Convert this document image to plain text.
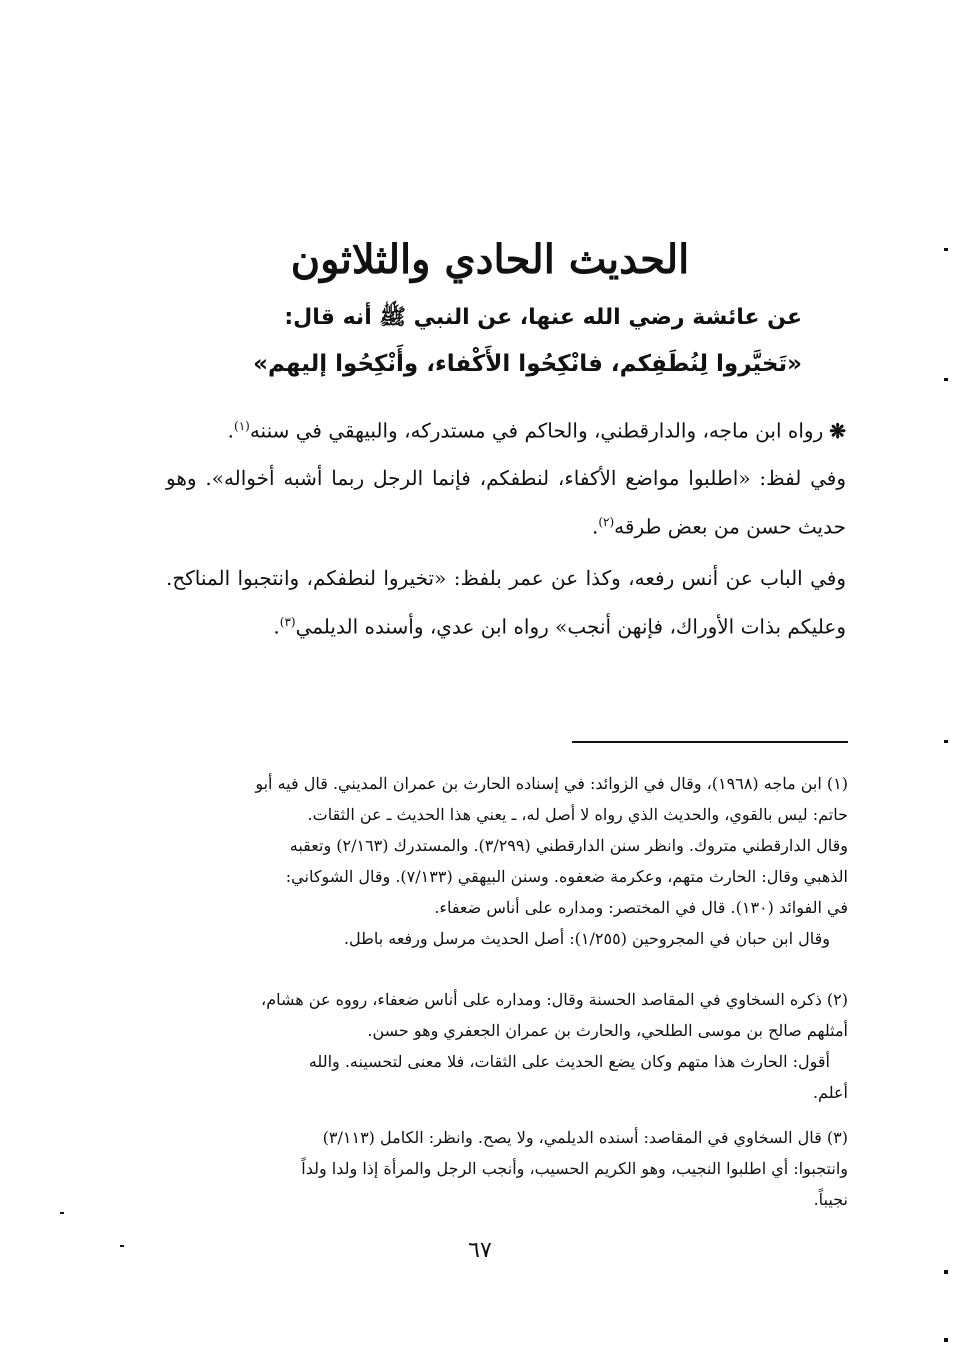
الحديث الحادي والثلاثون
عن عائشة رضي الله عنها، عن النبي ﷺ أنه قال:
«تَخيَّروا لِنُطَفِكم، فانْكِحُوا الأَكْفاء، وأَنْكِحُوا إليهم»
❋رواه ابن ماجه، والدارقطني، والحاكم في مستدركه، والبيهقي في سننه$^{(١)}$.
وفي لفظ: «اطلبوا مواضع الأكفاء، لنطفكم، فإنما الرجل ربما أشبه أخواله». وهو حديث حسن من بعض طرقه$^{(٢)}$.
وفي الباب عن أنس رفعه، وكذا عن عمر بلفظ: «تخيروا لنطفكم، وانتجبوا المناكح. وعليكم بذات الأوراك، فإنهن أنجب» رواه ابن عدي، وأسنده الديلمي$^{(٣)}$.
(١) ابن ماجه (١٩٦٨)، وقال في الزوائد: في إسناده الحارث بن عمران المديني. قال فيه أبو
حاتم: ليس بالقوي، والحديث الذي رواه لا أصل له، ـ يعني هذا الحديث ـ عن الثقات.
وقال الدارقطني متروك. وانظر سنن الدارقطني (٣/٢٩٩). والمستدرك (٢/١٦٣) وتعقبه
الذهبي وقال: الحارث متهم، وعكرمة ضعفوه. وسنن البيهقي (٧/١٣٣). وقال الشوكاني:
في الفوائد (١٣٠). قال في المختصر: ومداره على أناس ضعفاء.
وقال ابن حبان في المجروحين (١/٢٥٥): أصل الحديث مرسل ورفعه باطل.
(٢) ذكره السخاوي في المقاصد الحسنة وقال: ومداره على أناس ضعفاء، رووه عن هشام،
أمثلهم صالح بن موسى الطلحي، والحارث بن عمران الجعفري وهو حسن.
أقول: الحارث هذا متهم وكان يضع الحديث على الثقات، فلا معنى لتحسينه. والله
أعلم.
(٣) قال السخاوي في المقاصد: أسنده الديلمي، ولا يصح. وانظر: الكامل (٣/١١٣)
وانتجبوا: أي اطلبوا النجيب، وهو الكريم الحسيب، وأنجب الرجل والمرأة إذا ولدا ولداً
نجيباً.
٦٧
